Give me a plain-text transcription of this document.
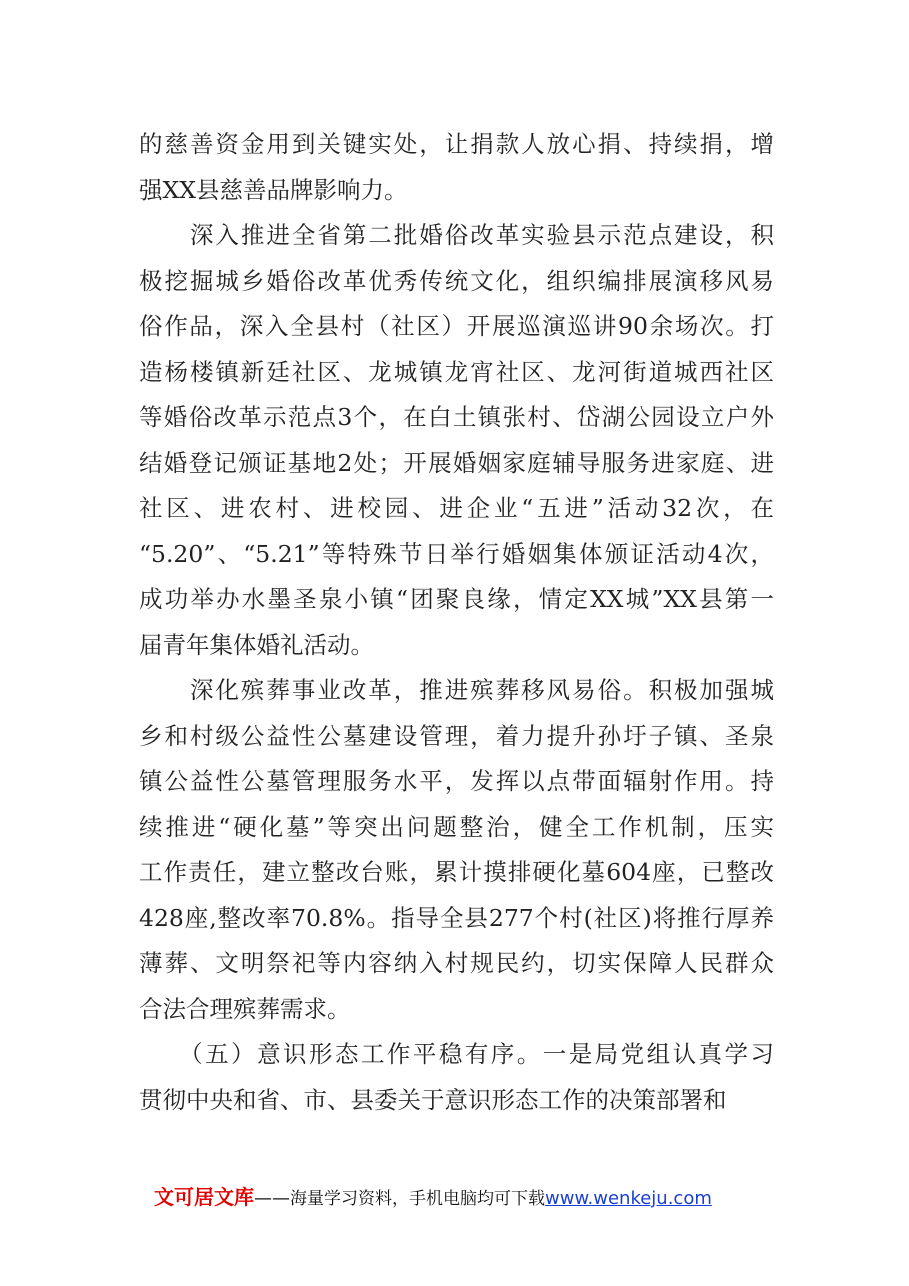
的慈善资金用到关键实处，让捐款人放心捐、持续捐，增
强XX县慈善品牌影响力。
　　深入推进全省第二批婚俗改革实验县示范点建设，积
极挖掘城乡婚俗改革优秀传统文化，组织编排展演移风易
俗作品，深入全县村（社区）开展巡演巡讲90余场次。打
造杨楼镇新廷社区、龙城镇龙宵社区、龙河街道城西社区
等婚俗改革示范点3个，在白土镇张村、岱湖公园设立户外
结婚登记颁证基地2处；开展婚姻家庭辅导服务进家庭、进
社区、进农村、进校园、进企业“五进”活动32次，在
“5.20”、“5.21”等特殊节日举行婚姻集体颁证活动4次，
成功举办水墨圣泉小镇“团聚良缘，情定XX城”XX县第一
届青年集体婚礼活动。
　　深化殡葬事业改革，推进殡葬移风易俗。积极加强城
乡和村级公益性公墓建设管理，着力提升孙圩子镇、圣泉
镇公益性公墓管理服务水平，发挥以点带面辐射作用。持
续推进“硬化墓”等突出问题整治，健全工作机制，压实
工作责任，建立整改台账，累计摸排硬化墓604座，已整改
428座,整改率70.8%。指导全县277个村(社区)将推行厚养
薄葬、文明祭祀等内容纳入村规民约，切实保障人民群众
合法合理殡葬需求。
　　（五）意识形态工作平稳有序。一是局党组认真学习
贯彻中央和省、市、县委关于意识形态工作的决策部署和
文可居文库——海量学习资料，手机电脑均可下载www.wenkeju.com
